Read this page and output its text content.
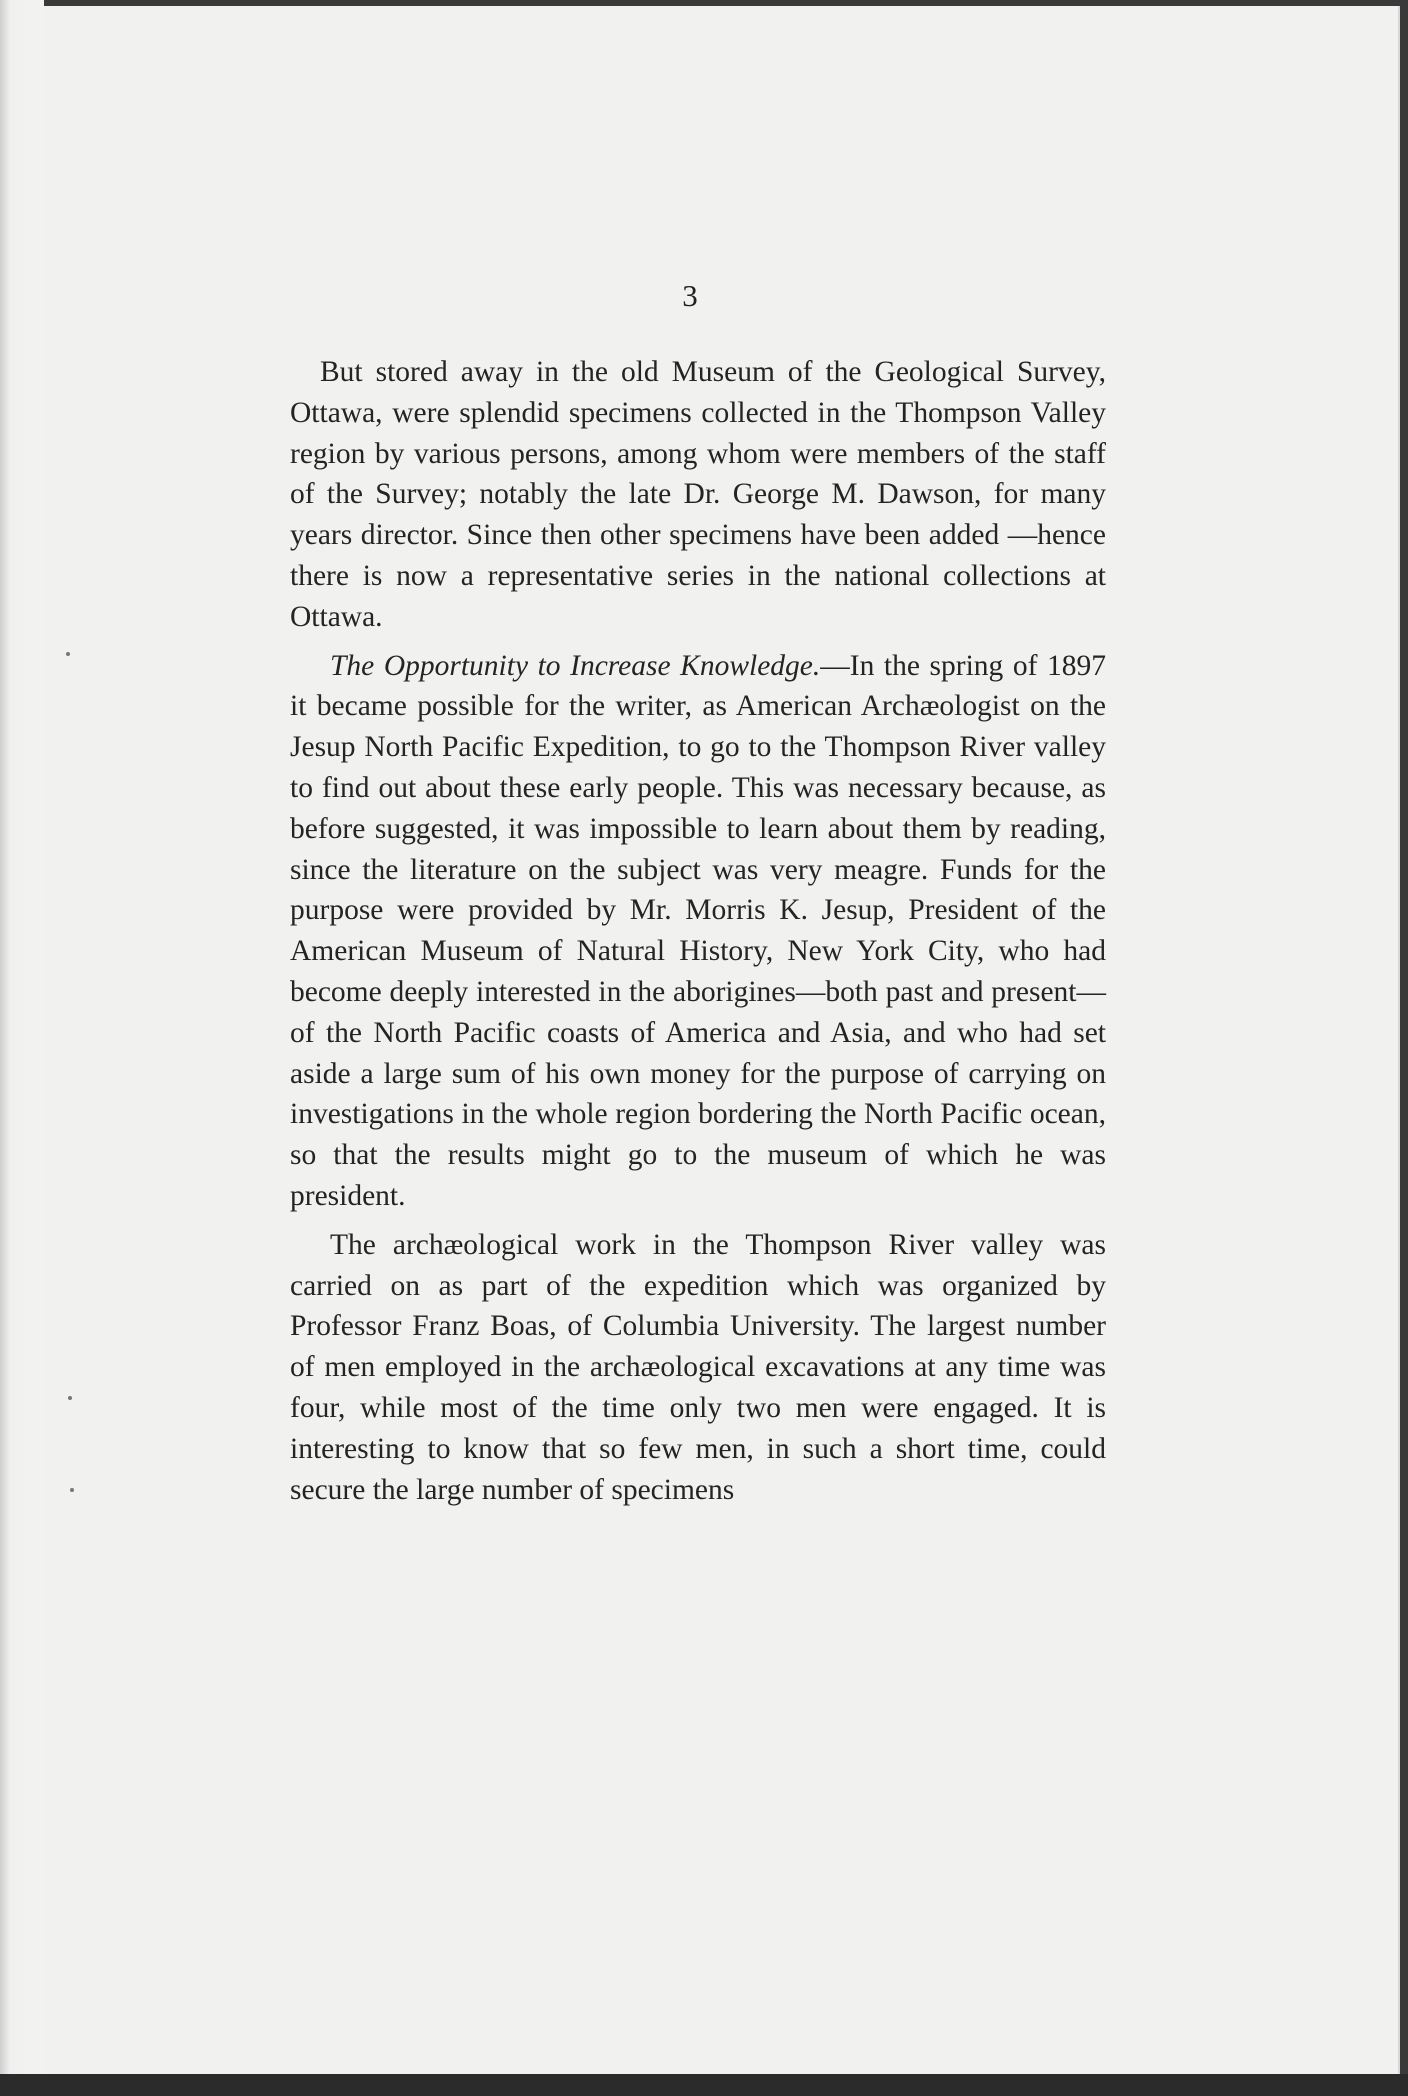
3

But stored away in the old Museum of the Geological Survey, Ottawa, were splendid specimens collected in the Thompson Valley region by various persons, among whom were members of the staff of the Survey; notably the late Dr. George M. Dawson, for many years director. Since then other specimens have been added —hence there is now a representative series in the national collections at Ottawa.

The Opportunity to Increase Knowledge.—In the spring of 1897 it became possible for the writer, as American Archæologist on the Jesup North Pacific Expedition, to go to the Thompson River valley to find out about these early people. This was necessary because, as before suggested, it was impossible to learn about them by reading, since the literature on the subject was very meagre. Funds for the purpose were provided by Mr. Morris K. Jesup, President of the American Museum of Natural History, New York City, who had become deeply interested in the aborigines—both past and present—of the North Pacific coasts of America and Asia, and who had set aside a large sum of his own money for the purpose of carrying on investigations in the whole region bordering the North Pacific ocean, so that the results might go to the museum of which he was president.

The archæological work in the Thompson River valley was carried on as part of the expedition which was organized by Professor Franz Boas, of Columbia University. The largest number of men employed in the archæological excavations at any time was four, while most of the time only two men were engaged. It is interesting to know that so few men, in such a short time, could secure the large number of specimens
